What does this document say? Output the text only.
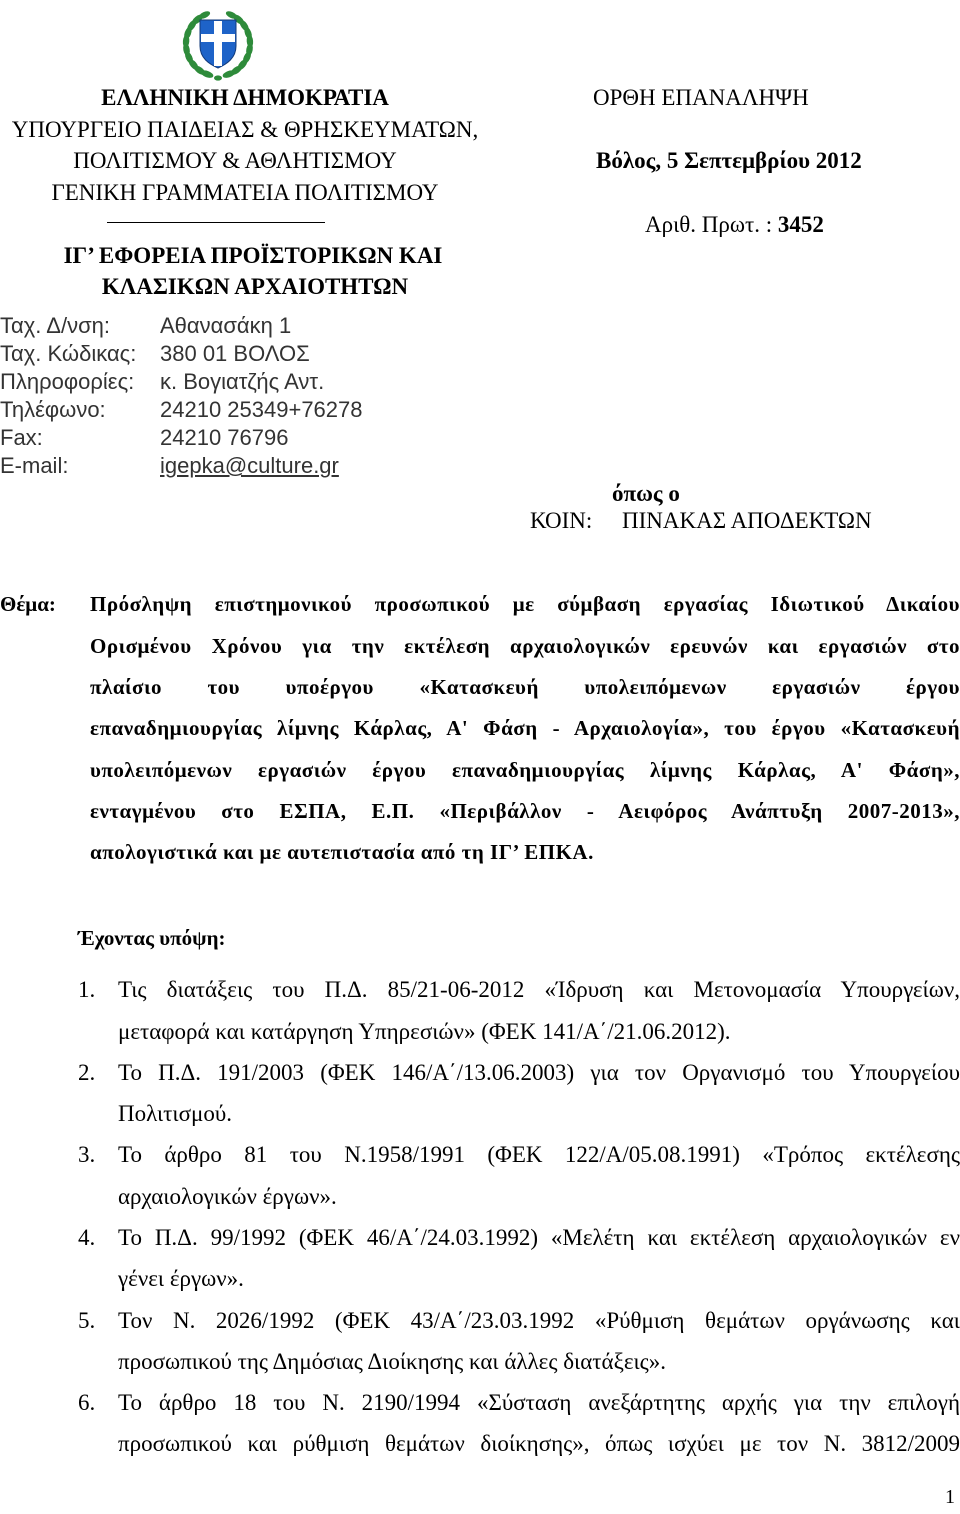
ΕΛΛΗΝΙΚΗ ΔΗΜΟΚΡΑΤΙΑ
ΥΠΟΥΡΓΕΙΟ ΠΑΙΔΕΙΑΣ & ΘΡΗΣΚΕΥΜΑΤΩΝ,
ΠΟΛΙΤΙΣΜΟΥ & ΑΘΛΗΤΙΣΜΟΥ
ΓΕΝΙΚΗ ΓΡΑΜΜΑΤΕΙΑ ΠΟΛΙΤΙΣΜΟΥ
ΙΓ’ ΕΦΟΡΕΙΑ ΠΡΟΪΣΤΟΡΙΚΩΝ ΚΑΙ
ΚΛΑΣΙΚΩΝ ΑΡΧΑΙΟΤΗΤΩΝ
Ταχ. Δ/νση: Αθανασάκη 1
Ταχ. Κώδικας: 380 01 ΒΟΛΟΣ
Πληροφορίες: κ. Βογιατζής Αντ.
Τηλέφωνο: 24210 25349+76278
Fax:	24210 76796
E-mail:	igepka@culture.gr
ΟΡΘΗ ΕΠΑΝΑΛΗΨΗ
Βόλος, 5 Σεπτεμβρίου 2012
Αριθ. Πρωτ. : 3452
όπως ο
ΚΟΙΝ: ΠΙΝΑΚΑΣ ΑΠΟΔΕΚΤΩΝ
Θέμα: Πρόσληψη επιστημονικού προσωπικού με σύμβαση εργασίας Ιδιωτικού Δικαίου
Ορισμένου Χρόνου για την εκτέλεση αρχαιολογικών ερευνών και εργασιών στο
πλαίσιο του υποέργου «Κατασκευή υπολειπόμενων εργασιών έργου
επαναδημιουργίας λίμνης Κάρλας, Α' Φάση - Αρχαιολογία», του έργου «Κατασκευή
υπολειπόμενων εργασιών έργου επαναδημιουργίας λίμνης Κάρλας, Α' Φάση»,
ενταγμένου στο ΕΣΠΑ, Ε.Π. «Περιβάλλον - Αειφόρος Ανάπτυξη 2007-2013»,
απολογιστικά και με αυτεπιστασία από τη ΙΓ’ ΕΠΚΑ.
Έχοντας υπόψη:
1. Τις διατάξεις του Π.Δ. 85/21-06-2012 «Ίδρυση και Μετονομασία Υπουργείων,
μεταφορά και κατάργηση Υπηρεσιών» (ΦΕΚ 141/Α΄/21.06.2012).
2. Το Π.Δ. 191/2003 (ΦΕΚ 146/Α΄/13.06.2003) για τον Οργανισμό του Υπουργείου
Πολιτισμού.
3. Το άρθρο 81 του Ν.1958/1991 (ΦΕΚ 122/Α/05.08.1991) «Τρόπος εκτέλεσης
αρχαιολογικών έργων».
4. Το Π.Δ. 99/1992 (ΦΕΚ 46/Α΄/24.03.1992) «Μελέτη και εκτέλεση αρχαιολογικών εν
γένει έργων».
5. Τον Ν. 2026/1992 (ΦΕΚ 43/Α΄/23.03.1992 «Ρύθμιση θεμάτων οργάνωσης και
προσωπικού της Δημόσιας Διοίκησης και άλλες διατάξεις».
6. Το άρθρο 18 του Ν. 2190/1994 «Σύσταση ανεξάρτητης αρχής για την επιλογή
προσωπικού και ρύθμιση θεμάτων διοίκησης», όπως ισχύει με τον Ν. 3812/2009
1
